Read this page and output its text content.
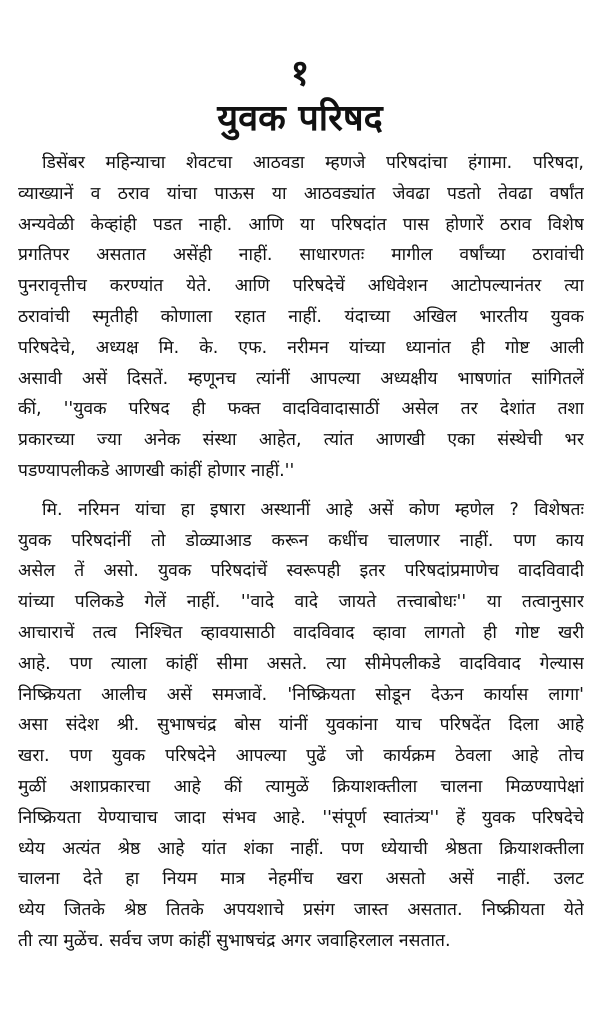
१
युवक परिषद
डिसेंबर महिन्याचा शेवटचा आठवडा म्हणजे परिषदांचा हंगामा. परिषदा,
व्याख्यानें व ठराव यांचा पाऊस या आठवड्यांत जेवढा पडतो तेवढा वर्षांत
अन्यवेळी केव्हांही पडत नाही. आणि या परिषदांत पास होणारें ठराव विशेष
प्रगतिपर असतात असेंही नाहीं. साधारणतः मागील वर्षांच्या ठरावांची
पुनरावृत्तीच करण्यांत येते. आणि परिषदेचें अधिवेशन आटोपल्यानंतर त्या
ठरावांची स्मृतीही कोणाला रहात नाहीं. यंदाच्या अखिल भारतीय युवक
परिषदेचे, अध्यक्ष मि. के. एफ. नरीमन यांच्या ध्यानांत ही गोष्ट आली
असावी असें दिसतें. म्हणूनच त्यांनीं आपल्या अध्यक्षीय भाषणांत सांगितलें
कीं, ''युवक परिषद ही फक्त वादविवादासाठीं असेल तर देशांत तशा
प्रकारच्या ज्या अनेक संस्था आहेत, त्यांत आणखी एका संस्थेची भर
पडण्यापलीकडे आणखी कांहीं होणार नाहीं.''
मि. नरिमन यांचा हा इषारा अस्थानीं आहे असें कोण म्हणेल ? विशेषतः
युवक परिषदांनीं तो डोळ्याआड करून कधींच चालणार नाहीं. पण काय
असेल तें असो. युवक परिषदांचें स्वरूपही इतर परिषदांप्रमाणेच वादविवादी
यांच्या पलिकडे गेलें नाहीं. ''वादे वादे जायते तत्त्वाबोधः'' या तत्वानुसार
आचाराचें तत्व निश्चित व्हावयासाठी वादविवाद व्हावा लागतो ही गोष्ट खरी
आहे. पण त्याला कांहीं सीमा असते. त्या सीमेपलीकडे वादविवाद गेल्यास
निष्क्रियता आलीच असें समजावें. 'निष्क्रियता सोडून देऊन कार्यास लागा'
असा संदेश श्री. सुभाषचंद्र बोस यांनीं युवकांना याच परिषदेंत दिला आहे
खरा. पण युवक परिषदेने आपल्या पुढें जो कार्यक्रम ठेवला आहे तोच
मुळीं अशाप्रकारचा आहे कीं त्यामुळें क्रियाशक्तीला चालना मिळण्यापेक्षां
निष्क्रियता येण्याचाच जादा संभव आहे. ''संपूर्ण स्वातंत्र्य'' हें युवक परिषदेचे
ध्येय अत्यंत श्रेष्ठ आहे यांत शंका नाहीं. पण ध्येयाची श्रेष्ठता क्रियाशक्तीला
चालना देते हा नियम मात्र नेहमींच खरा असतो असें नाहीं. उलट
ध्येय जितके श्रेष्ठ तितके अपयशाचे प्रसंग जास्त असतात. निष्क्रीयता येते
ती त्या मुळेंच. सर्वच जण कांहीं सुभाषचंद्र अगर जवाहिरलाल नसतात.
